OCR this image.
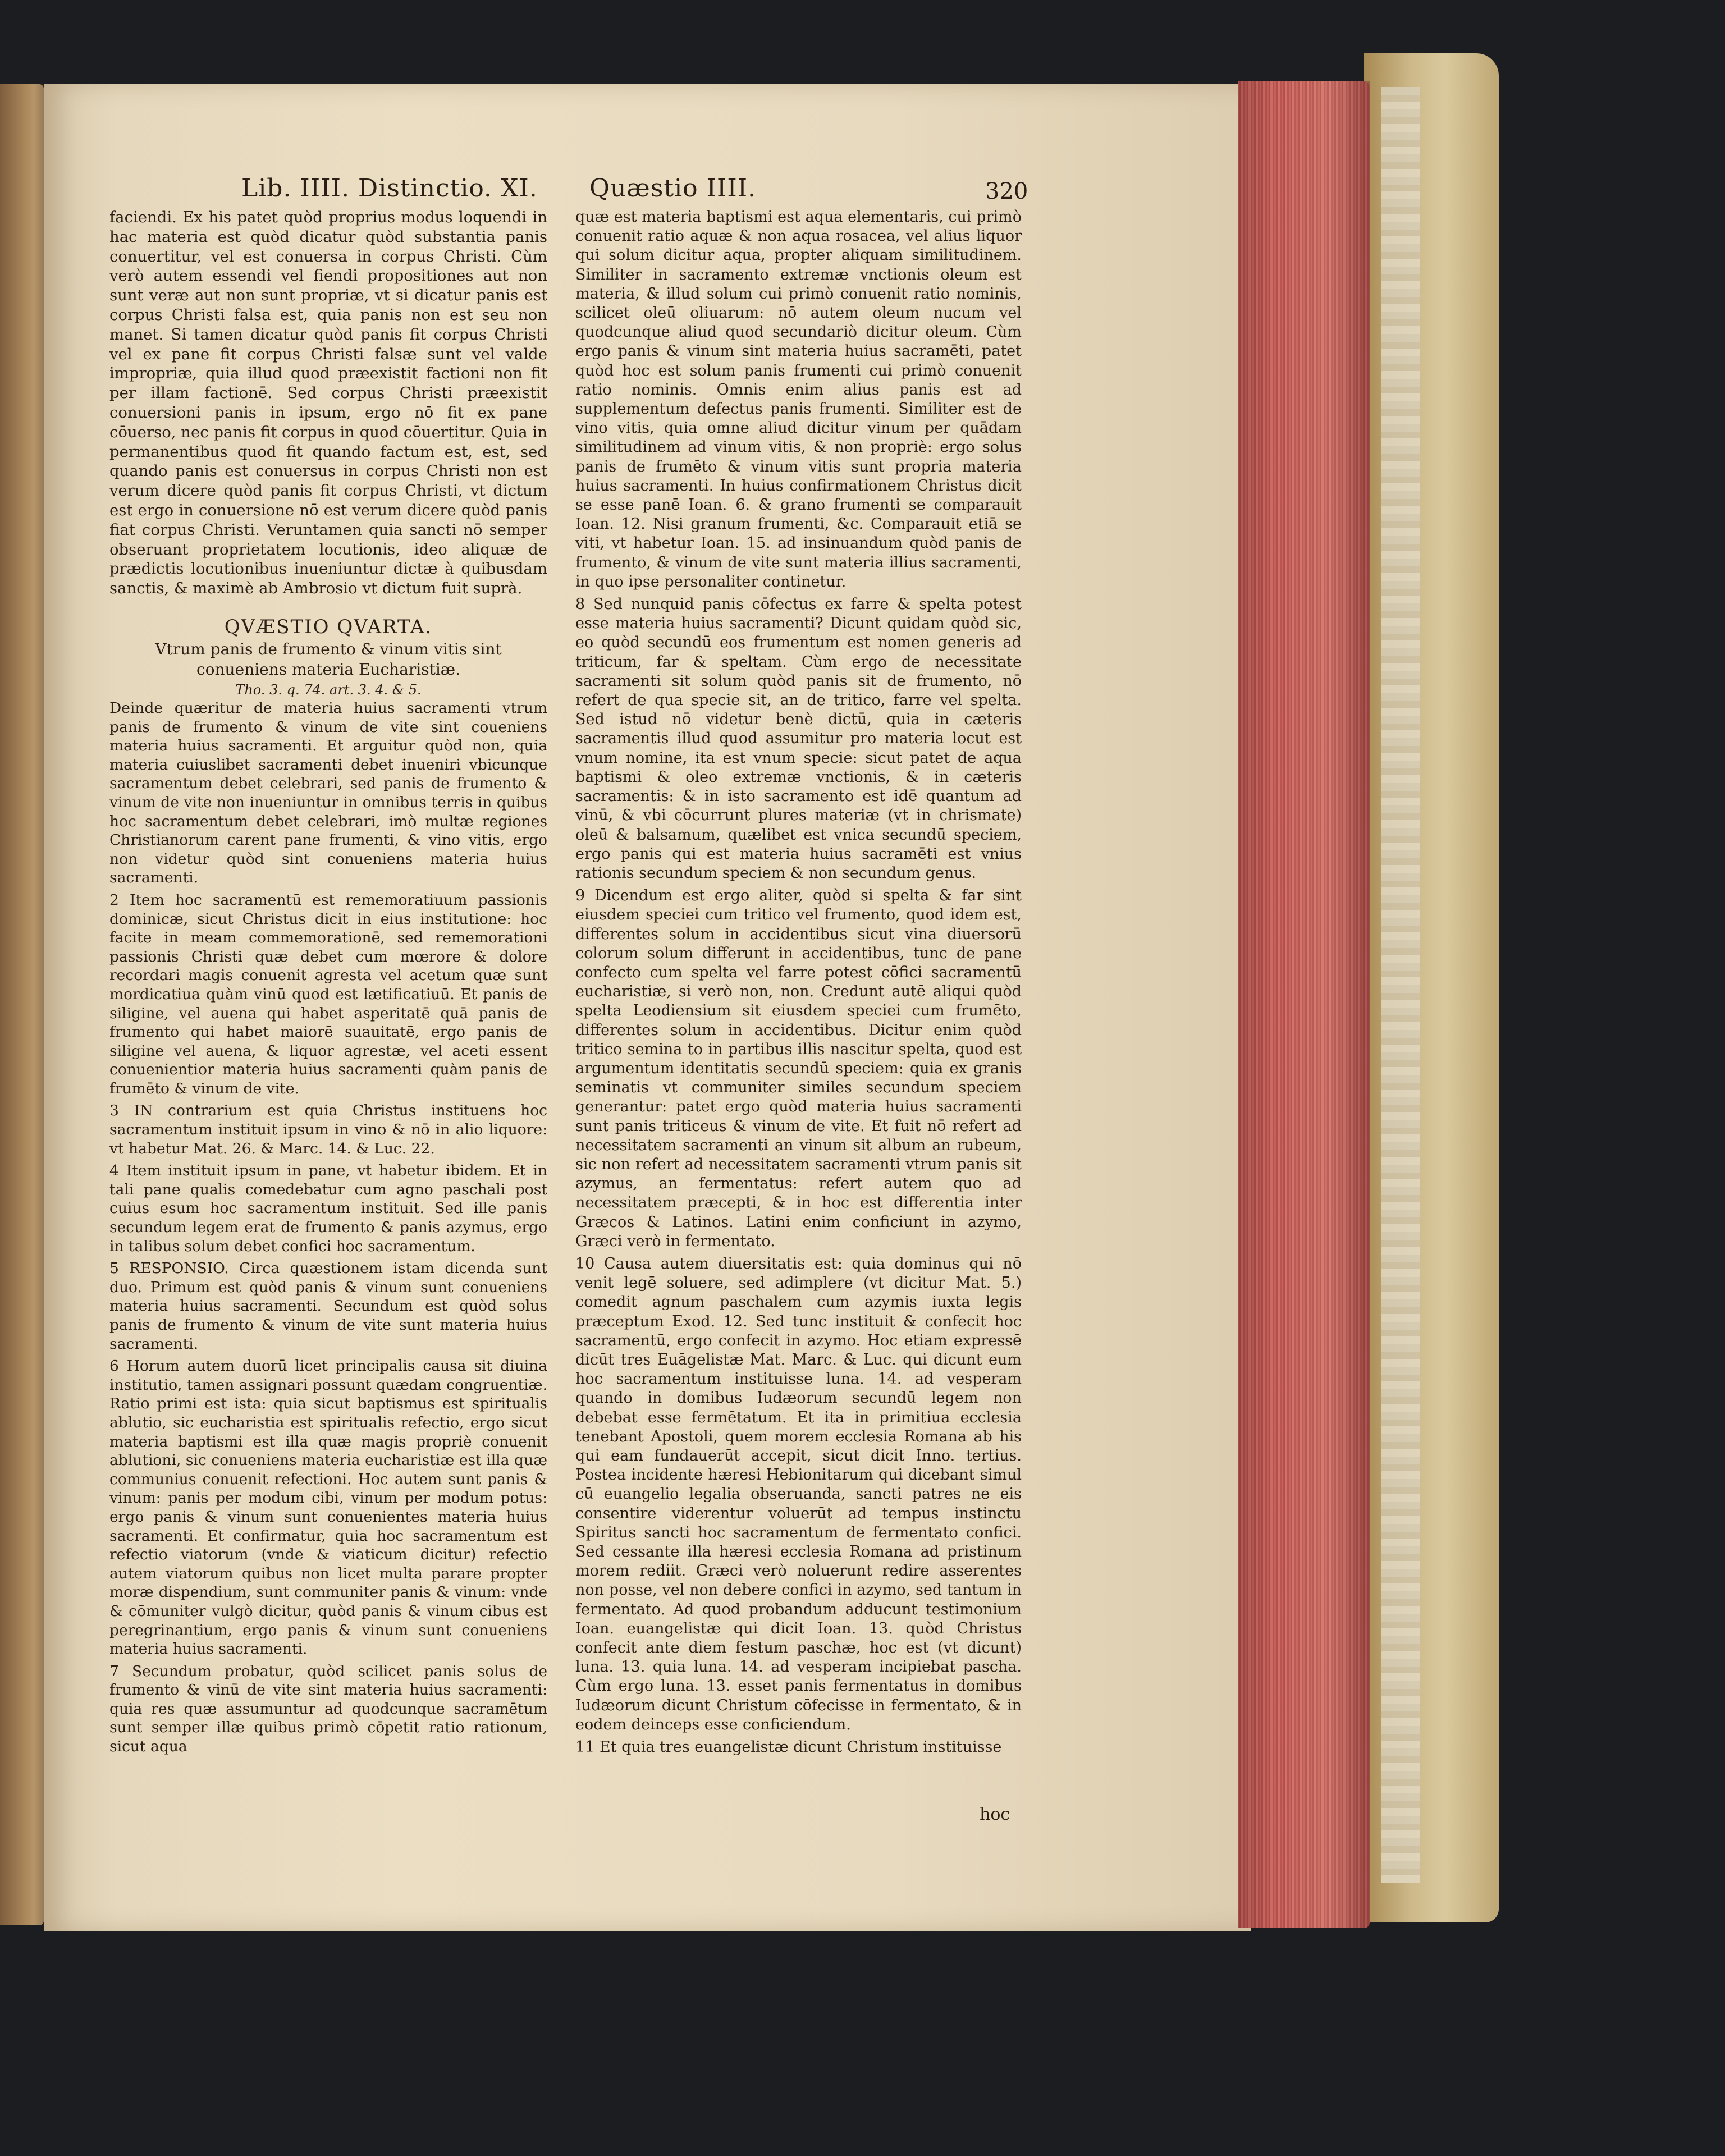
Lib. IIII. Distinctio. XI. Quæstio IIII.	320

faciendi. Ex his patet quòd proprius modus loquendi in hac materia est quòd dicatur quòd substantia panis conuertitur, vel est conuersa in corpus Christi. Cùm verò autem essendi vel fiendi propositiones aut non sunt veræ aut non sunt propriæ, vt si dicatur panis est corpus Christi falsa est, quia panis non est seu non manet. Si tamen dicatur quòd panis fit corpus Christi vel ex pane fit corpus Christi falsæ sunt vel valde impropriæ, quia illud quod præexistit factioni non fit per illam factionē. Sed corpus Christi præexistit conuersioni panis in ipsum, ergo nō fit ex pane cōuerso, nec panis fit corpus in quod cōuertitur. Quia in permanentibus quod fit quando factum est, est, sed quando panis est conuersus in corpus Christi non est verum dicere quòd panis fit corpus Christi, vt dictum est ergo in conuersione nō est verum dicere quòd panis fiat corpus Christi. Veruntamen quia sancti nō semper obseruant proprietatem locutionis, ideo aliquæ de prædictis locutionibus inueniuntur dictæ à quibusdam sanctis, & maximè ab Ambrosio vt dictum fuit suprà.

QVÆSTIO QVARTA.
Vtrum panis de frumento & vinum vitis sint conueniens materia Eucharistiæ.
Tho. 3. q. 74. art. 3. 4. & 5.

Deinde quæritur de materia huius sacramenti vtrum panis de frumento & vinum de vite sint coueniens materia huius sacramenti. Et arguitur quòd non, quia materia cuiuslibet sacramenti debet inueniri vbicunque sacramentum debet celebrari, sed panis de frumento & vinum de vite non inueniuntur in omnibus terris in quibus hoc sacramentum debet celebrari, imò multæ regiones Christianorum carent pane frumenti, & vino vitis, ergo non videtur quòd sint conueniens materia huius sacramenti.

2 Item hoc sacramentū est rememoratiuum passionis dominicæ, sicut Christus dicit in eius institutione: hoc facite in meam commemorationē, sed rememorationi passionis Christi quæ debet cum mœrore & dolore recordari magis conuenit agresta vel acetum quæ sunt mordicatiua quàm vinū quod est lætificatiuū. Et panis de siligine, vel auena qui habet asperitatē quā panis de frumento qui habet maiorē suauitatē, ergo panis de siligine vel auena, & liquor agrestæ, vel aceti essent conuenientior materia huius sacramenti quàm panis de frumēto & vinum de vite.

3 IN contrarium est quia Christus instituens hoc sacramentum instituit ipsum in vino & nō in alio liquore: vt habetur Mat. 26. & Marc. 14. & Luc. 22.

4 Item instituit ipsum in pane, vt habetur ibidem. Et in tali pane qualis comedebatur cum agno paschali post cuius esum hoc sacramentum instituit. Sed ille panis secundum legem erat de frumento & panis azymus, ergo in talibus solum debet confici hoc sacramentum.

5 RESPONSIO. Circa quæstionem istam dicenda sunt duo. Primum est quòd panis & vinum sunt conueniens materia huius sacramenti. Secundum est quòd solus panis de frumento & vinum de vite sunt materia huius sacramenti.

6 Horum autem duorū licet principalis causa sit diuina institutio, tamen assignari possunt quædam congruentiæ. Ratio primi est ista: quia sicut baptismus est spiritualis ablutio, sic eucharistia est spiritualis refectio, ergo sicut materia baptismi est illa quæ magis propriè conuenit ablutioni, sic conueniens materia eucharistiæ est illa quæ communius conuenit refectioni. Hoc autem sunt panis & vinum: panis per modum cibi, vinum per modum potus: ergo panis & vinum sunt conuenientes materia huius sacramenti. Et confirmatur, quia hoc sacramentum est refectio viatorum (vnde & viaticum dicitur) refectio autem viatorum quibus non licet multa parare propter moræ dispendium, sunt communiter panis & vinum: vnde & cōmuniter vulgò dicitur, quòd panis & vinum cibus est peregrinantium, ergo panis & vinum sunt conueniens materia huius sacramenti.

7 Secundum probatur, quòd scilicet panis solus de frumento & vinū de vite sint materia huius sacramenti: quia res quæ assumuntur ad quodcunque sacramētum sunt semper illæ quibus primò cōpetit ratio rationum, sicut aqua

quæ est materia baptismi est aqua elementaris, cui primò conuenit ratio aquæ & non aqua rosacea, vel alius liquor qui solum dicitur aqua, propter aliquam similitudinem. Similiter in sacramento extremæ vnctionis oleum est materia, & illud solum cui primò conuenit ratio nominis, scilicet oleū oliuarum: nō autem oleum nucum vel quodcunque aliud quod secundariò dicitur oleum. Cùm ergo panis & vinum sint materia huius sacramēti, patet quòd hoc est solum panis frumenti cui primò conuenit ratio nominis. Omnis enim alius panis est ad supplementum defectus panis frumenti. Similiter est de vino vitis, quia omne aliud dicitur vinum per quādam similitudinem ad vinum vitis, & non propriè: ergo solus panis de frumēto & vinum vitis sunt propria materia huius sacramenti. In huius confirmationem Christus dicit se esse panē Ioan. 6. & grano frumenti se comparauit Ioan. 12. Nisi granum frumenti, &c. Comparauit etiā se viti, vt habetur Ioan. 15. ad insinuandum quòd panis de frumento, & vinum de vite sunt materia illius sacramenti, in quo ipse personaliter continetur.

8 Sed nunquid panis cōfectus ex farre & spelta potest esse materia huius sacramenti? Dicunt quidam quòd sic, eo quòd secundū eos frumentum est nomen generis ad triticum, far & speltam. Cùm ergo de necessitate sacramenti sit solum quòd panis sit de frumento, nō refert de qua specie sit, an de tritico, farre vel spelta. Sed istud nō videtur benè dictū, quia in cæteris sacramentis illud quod assumitur pro materia locut est vnum nomine, ita est vnum specie: sicut patet de aqua baptismi & oleo extremæ vnctionis, & in cæteris sacramentis: & in isto sacramento est idē quantum ad vinū, & vbi cōcurrunt plures materiæ (vt in chrismate) oleū & balsamum, quælibet est vnica secundū speciem, ergo panis qui est materia huius sacramēti est vnius rationis secundum speciem & non secundum genus.

9 Dicendum est ergo aliter, quòd si spelta & far sint eiusdem speciei cum tritico vel frumento, quod idem est, differentes solum in accidentibus sicut vina diuersorū colorum solum differunt in accidentibus, tunc de pane confecto cum spelta vel farre potest cōfici sacramentū eucharistiæ, si verò non, non. Credunt autē aliqui quòd spelta Leodiensium sit eiusdem speciei cum frumēto, differentes solum in accidentibus. Dicitur enim quòd tritico semina to in partibus illis nascitur spelta, quod est argumentum identitatis secundū speciem: quia ex granis seminatis vt communiter similes secundum speciem generantur: patet ergo quòd materia huius sacramenti sunt panis triticeus & vinum de vite. Et fuit nō refert ad necessitatem sacramenti an vinum sit album an rubeum, sic non refert ad necessitatem sacramenti vtrum panis sit azymus, an fermentatus: refert autem quo ad necessitatem præcepti, & in hoc est differentia inter Græcos & Latinos. Latini enim conficiunt in azymo, Græci verò in fermentato.

10 Causa autem diuersitatis est: quia dominus qui nō venit legē soluere, sed adimplere (vt dicitur Mat. 5.) comedit agnum paschalem cum azymis iuxta legis præceptum Exod. 12. Sed tunc instituit & confecit hoc sacramentū, ergo confecit in azymo. Hoc etiam expressē dicūt tres Euāgelistæ Mat. Marc. & Luc. qui dicunt eum hoc sacramentum instituisse luna. 14. ad vesperam quando in domibus Iudæorum secundū legem non debebat esse fermētatum. Et ita in primitiua ecclesia tenebant Apostoli, quem morem ecclesia Romana ab his qui eam fundauerūt accepit, sicut dicit Inno. tertius. Postea incidente hæresi Hebionitarum qui dicebant simul cū euangelio legalia obseruanda, sancti patres ne eis consentire viderentur voluerūt ad tempus instinctu Spiritus sancti hoc sacramentum de fermentato confici. Sed cessante illa hæresi ecclesia Romana ad pristinum morem rediit. Græci verò noluerunt redire asserentes non posse, vel non debere confici in azymo, sed tantum in fermentato. Ad quod probandum adducunt testimonium Ioan. euangelistæ qui dicit Ioan. 13. quòd Christus confecit ante diem festum paschæ, hoc est (vt dicunt) luna. 13. quia luna. 14. ad vesperam incipiebat pascha. Cùm ergo luna. 13. esset panis fermentatus in domibus Iudæorum dicunt Christum cōfecisse in fermentato, & in eodem deinceps esse conficiendum.

11 Et quia tres euangelistæ dicunt Christum instituisse

hoc
